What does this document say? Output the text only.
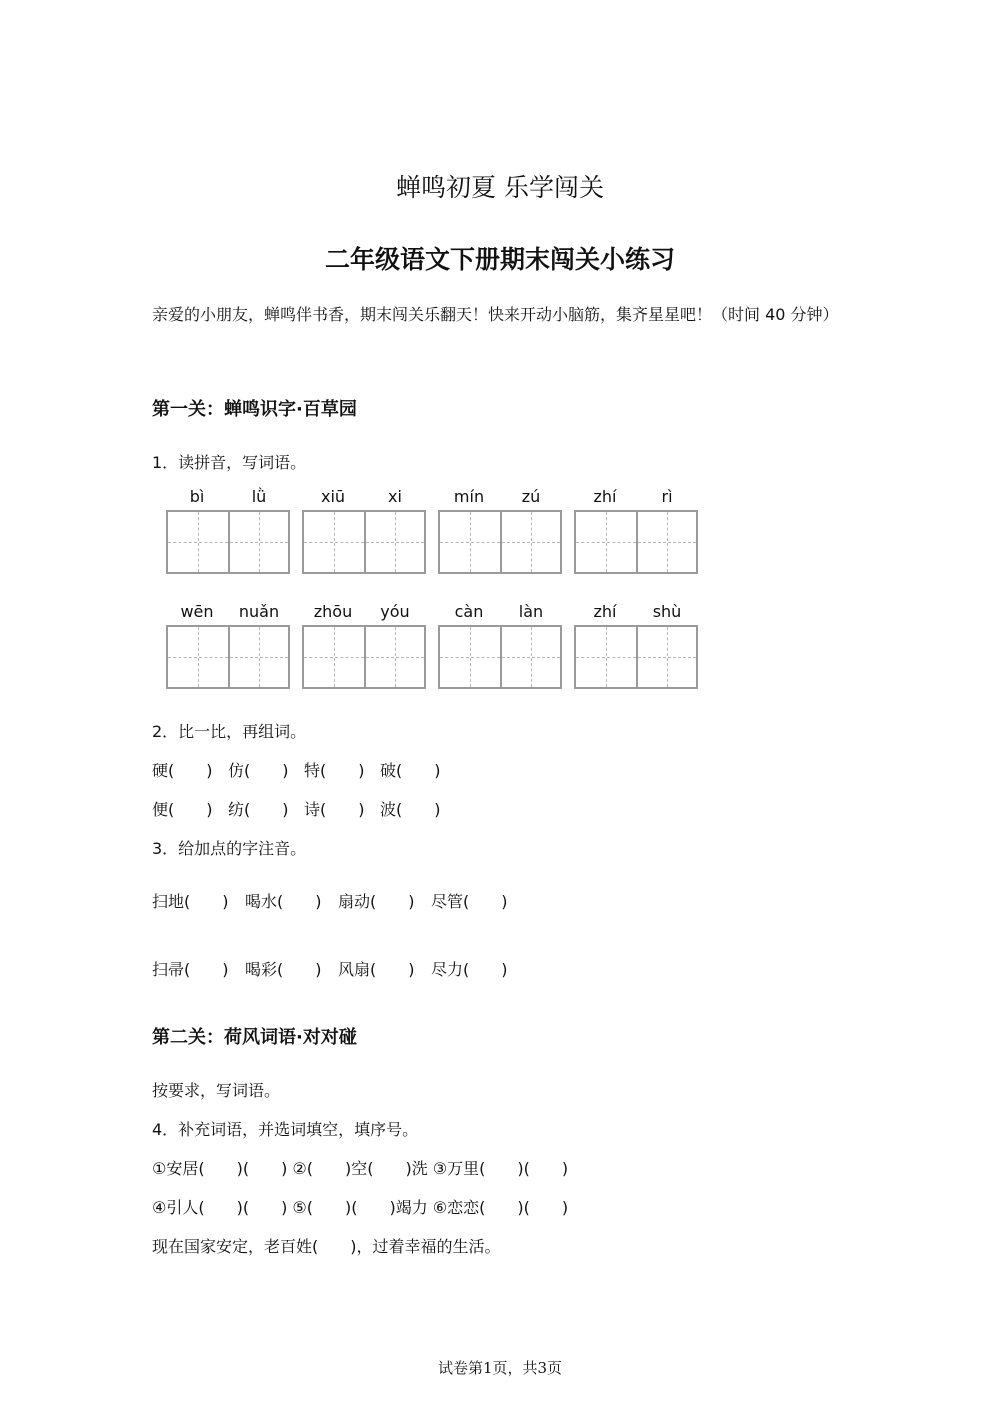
蝉鸣初夏 乐学闯关
二年级语文下册期末闯关小练习
亲爱的小朋友，蝉鸣伴书香，期末闯关乐翻天！快来开动小脑筋，集齐星星吧！（时间 40 分钟）
第一关：蝉鸣识字·百草园
1．读拼音，写词语。
bì	lǜ	xiū	xi	mín	zú	zhí	rì
wēn	nuǎn	zhōu	yóu	càn	làn	zhí	shù
2．比一比，再组词。
硬(　　) 仿(　　) 特(　　) 破(　　)
便(　　) 纺(　　) 诗(　　) 波(　　)
3．给加点的字注音。
扫地(　　)	喝水(　　)	扇动(　　)	尽管(　　)
扫帚(　　)	喝彩(　　)	风扇(　　)	尽力(　　)
第二关：荷风词语·对对碰
按要求，写词语。
4．补充词语，并选词填空，填序号。
①安居(　　)(　　) ②(　　)空(　　)洗 ③万里(　　)(　　)
④引人(　　)(　　) ⑤(　　)(　　)竭力 ⑥恋恋(　　)(　　)
现在国家安定，老百姓(　　)，过着幸福的生活。
试卷第1页，共3页
